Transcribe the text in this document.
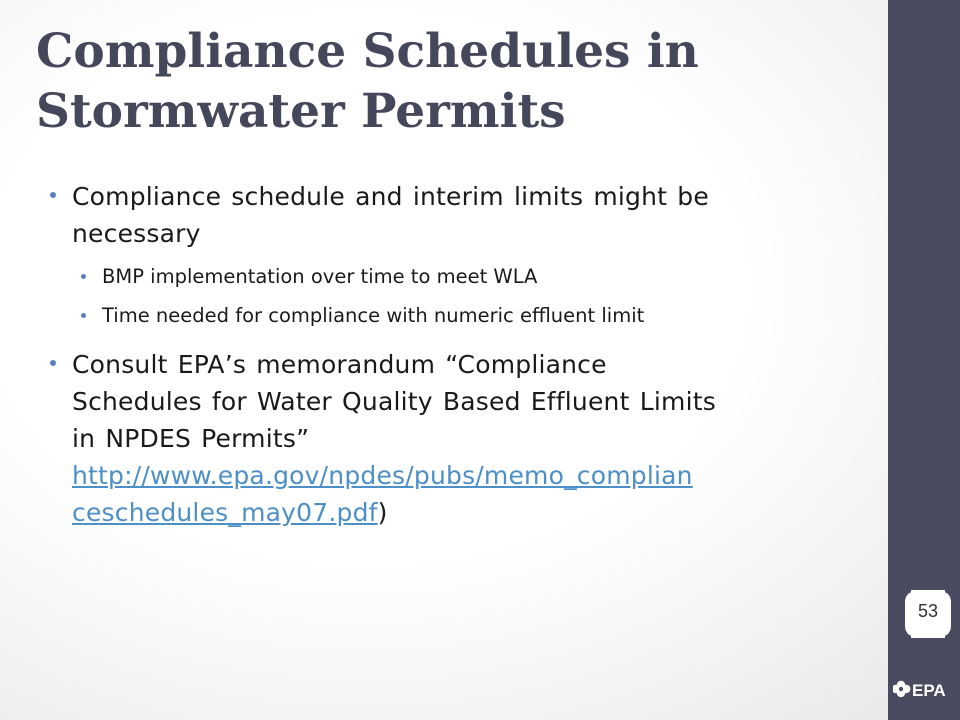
Compliance Schedules in
Stormwater Permits
Compliance schedule and interim limits might be
necessary
BMP implementation over time to meet WLA
Time needed for compliance with numeric effluent limit
Consult EPA’s memorandum “Compliance
Schedules for Water Quality Based Effluent Limits
in NPDES Permits”
http://www.epa.gov/npdes/pubs/memo_complian
ceschedules_may07.pdf)
53
EPA
